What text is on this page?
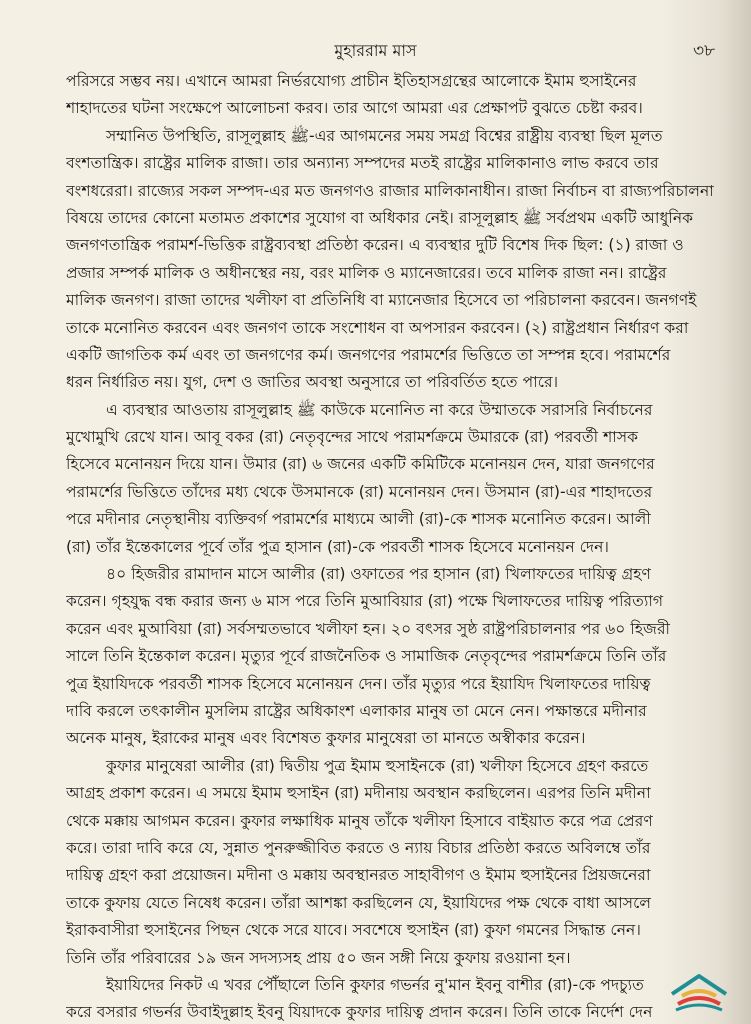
মুহাররাম মাস	৩৮
পরিসরে সম্ভব নয়। এখানে আমরা নির্ভরযোগ্য প্রাচীন ইতিহাসগ্রন্থের আলোকে ইমাম হুসাইনের
শাহাদতের ঘটনা সংক্ষেপে আলোচনা করব। তার আগে আমরা এর প্রেক্ষাপট বুঝতে চেষ্টা করব।
সম্মানিত উপস্থিতি, রাসূলুল্লাহ ﷺ-এর আগমনের সময় সমগ্র বিশ্বের রাষ্ট্রীয় ব্যবস্থা ছিল মূলত
বংশতান্ত্রিক। রাষ্ট্রের মালিক রাজা। তার অন্যান্য সম্পদের মতই রাষ্ট্রের মালিকানাও লাভ করবে তার
বংশধরেরা। রাজ্যের সকল সম্পদ-এর মত জনগণও রাজার মালিকানাধীন। রাজা নির্বাচন বা রাজ্যপরিচালনা
বিষয়ে তাদের কোনো মতামত প্রকাশের সুযোগ বা অধিকার নেই। রাসূলুল্লাহ ﷺ সর্বপ্রথম একটি আধুনিক
জনগণতান্ত্রিক পরামর্শ-ভিত্তিক রাষ্ট্রব্যবস্থা প্রতিষ্ঠা করেন। এ ব্যবস্থার দুটি বিশেষ দিক ছিল: (১) রাজা ও
প্রজার সম্পর্ক মালিক ও অধীনস্থের নয়, বরং মালিক ও ম্যানেজারের। তবে মালিক রাজা নন। রাষ্ট্রের
মালিক জনগণ। রাজা তাদের খলীফা বা প্রতিনিধি বা ম্যানেজার হিসেবে তা পরিচালনা করবেন। জনগণই
তাকে মনোনিত করবেন এবং জনগণ তাকে সংশোধন বা অপসারন করবেন। (২) রাষ্ট্রপ্রধান নির্ধারণ করা
একটি জাগতিক কর্ম এবং তা জনগণের কর্ম। জনগণের পরামর্শের ভিত্তিতে তা সম্পন্ন হবে। পরামর্শের
ধরন নির্ধারিত নয়। যুগ, দেশ ও জাতির অবস্থা অনুসারে তা পরিবর্তিত হতে পারে।
এ ব্যবস্থার আওতায় রাসূলুল্লাহ ﷺ কাউকে মনোনিত না করে উম্মাতকে সরাসরি নির্বাচনের
মুখোমুখি রেখে যান। আবূ বকর (রা) নেতৃবৃন্দের সাথে পরামর্শক্রমে উমারকে (রা) পরবর্তী শাসক
হিসেবে মনোনয়ন দিয়ে যান। উমার (রা) ৬ জনের একটি কমিটিকে মনোনয়ন দেন, যারা জনগণের
পরামর্শের ভিত্তিতে তাঁদের মধ্য থেকে উসমানকে (রা) মনোনয়ন দেন। উসমান (রা)-এর শাহাদতের
পরে মদীনার নেতৃস্থানীয় ব্যক্তিবর্গ পরামর্শের মাধ্যমে আলী (রা)-কে শাসক মনোনিত করেন। আলী
(রা) তাঁর ইন্তেকালের পূর্বে তাঁর পুত্র হাসান (রা)-কে পরবর্তী শাসক হিসেবে মনোনয়ন দেন।
৪০ হিজরীর রামাদান মাসে আলীর (রা) ওফাতের পর হাসান (রা) খিলাফতের দায়িত্ব গ্রহণ
করেন। গৃহযুদ্ধ বন্ধ করার জন্য ৬ মাস পরে তিনি মুআবিয়ার (রা) পক্ষে খিলাফতের দায়িত্ব পরিত্যাগ
করেন এবং মুআবিয়া (রা) সর্বসম্মতভাবে খলীফা হন। ২০ বৎসর সুষ্ঠ রাষ্ট্রপরিচালনার পর ৬০ হিজরী
সালে তিনি ইন্তেকাল করেন। মৃত্যুর পূর্বে রাজনৈতিক ও সামাজিক নেতৃবৃন্দের পরামর্শক্রমে তিনি তাঁর
পুত্র ইয়াযিদকে পরবর্তী শাসক হিসেবে মনোনয়ন দেন। তাঁর মৃত্যুর পরে ইয়াযিদ খিলাফতের দায়িত্ব
দাবি করলে তৎকালীন মুসলিম রাষ্ট্রের অধিকাংশ এলাকার মানুষ তা মেনে নেন। পক্ষান্তরে মদীনার
অনেক মানুষ, ইরাকের মানুষ এবং বিশেষত কুফার মানুষেরা তা মানতে অস্বীকার করেন।
কুফার মানুষেরা আলীর (রা) দ্বিতীয় পুত্র ইমাম হুসাইনকে (রা) খলীফা হিসেবে গ্রহণ করতে
আগ্রহ প্রকাশ করেন। এ সময়ে ইমাম হুসাইন (রা) মদীনায় অবস্থান করছিলেন। এরপর তিনি মদীনা
থেকে মক্কায় আগমন করেন। কুফার লক্ষাধিক মানুষ তাঁকে খলীফা হিসাবে বাইয়াত করে পত্র প্রেরণ
করে। তারা দাবি করে যে, সুন্নাত পুনরুজ্জীবিত করতে ও ন্যায় বিচার প্রতিষ্ঠা করতে অবিলম্বে তাঁর
দায়িত্ব গ্রহণ করা প্রয়োজন। মদীনা ও মক্কায় অবস্থানরত সাহাবীগণ ও ইমাম হুসাইনের প্রিয়জনেরা
তাকে কুফায় যেতে নিষেধ করেন। তাঁরা আশঙ্কা করছিলেন যে, ইয়াযিদের পক্ষ থেকে বাধা আসলে
ইরাকবাসীরা হুসাইনের পিছন থেকে সরে যাবে। সবশেষে হুসাইন (রা) কুফা গমনের সিদ্ধান্ত নেন।
তিনি তাঁর পরিবারের ১৯ জন সদস্যসহ প্রায় ৫০ জন সঙ্গী নিয়ে কুফায় রওয়ানা হন।
ইয়াযিদের নিকট এ খবর পৌঁছালে তিনি কুফার গভর্নর নু'মান ইবনু বাশীর (রা)-কে পদচ্যুত
করে বসরার গভর্নর উবাইদুল্লাহ ইবনু যিয়াদকে কুফার দায়িত্ব প্রদান করেন। তিনি তাকে নির্দেশ দেন
